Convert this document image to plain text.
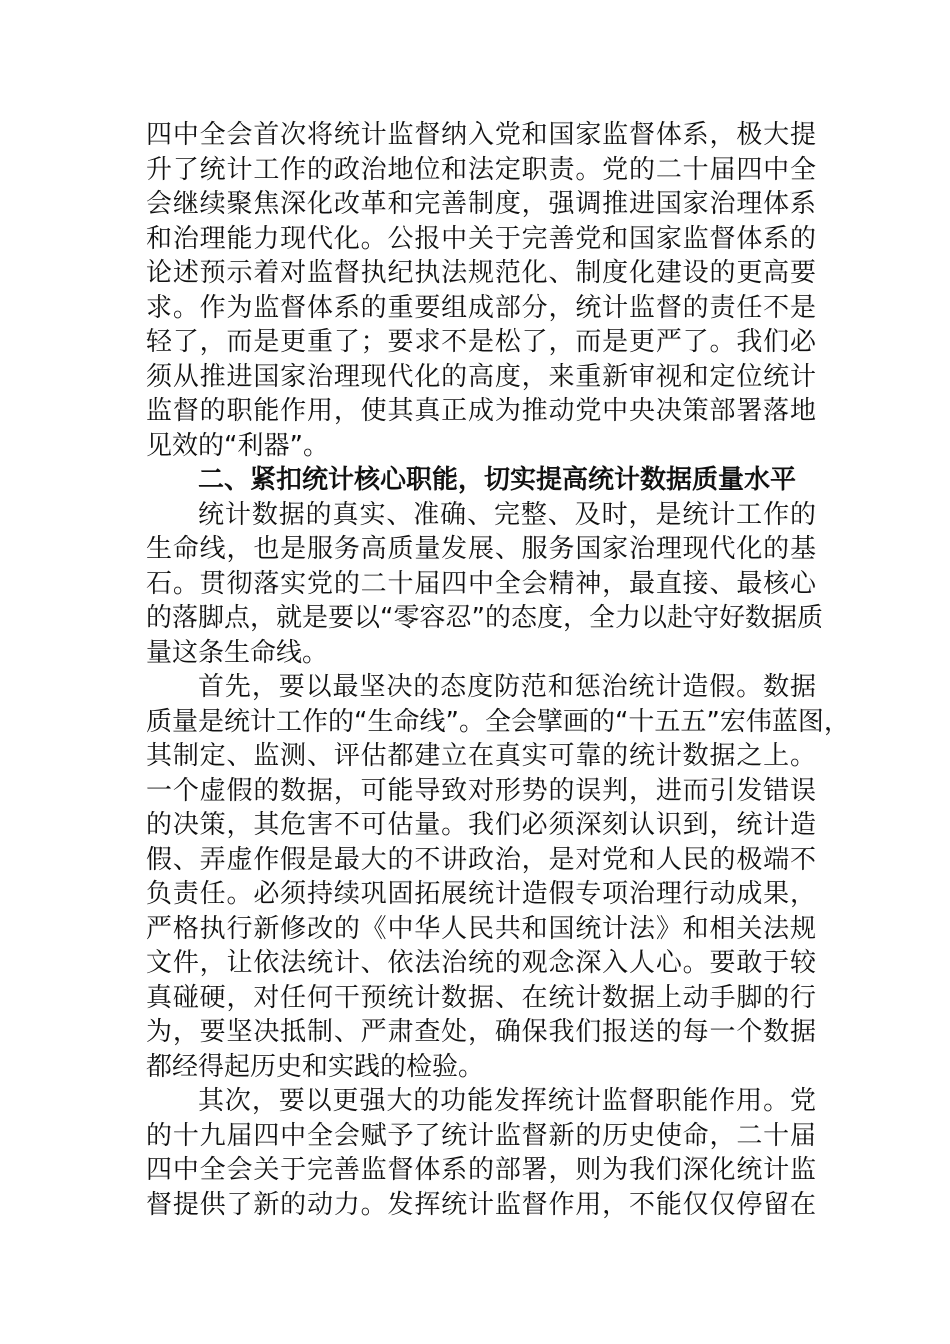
四中全会首次将统计监督纳入党和国家监督体系，极大提
升了统计工作的政治地位和法定职责。党的二十届四中全
会继续聚焦深化改革和完善制度，强调推进国家治理体系
和治理能力现代化。公报中关于完善党和国家监督体系的
论述预示着对监督执纪执法规范化、制度化建设的更高要
求。作为监督体系的重要组成部分，统计监督的责任不是
轻了，而是更重了；要求不是松了，而是更严了。我们必
须从推进国家治理现代化的高度，来重新审视和定位统计
监督的职能作用，使其真正成为推动党中央决策部署落地
见效的“利器”。
二、紧扣统计核心职能，切实提高统计数据质量水平
统计数据的真实、准确、完整、及时，是统计工作的
生命线，也是服务高质量发展、服务国家治理现代化的基
石。贯彻落实党的二十届四中全会精神，最直接、最核心
的落脚点，就是要以“零容忍”的态度，全力以赴守好数据质
量这条生命线。
首先，要以最坚决的态度防范和惩治统计造假。数据
质量是统计工作的“生命线”。全会擘画的“十五五”宏伟蓝图，
其制定、监测、评估都建立在真实可靠的统计数据之上。
一个虚假的数据，可能导致对形势的误判，进而引发错误
的决策，其危害不可估量。我们必须深刻认识到，统计造
假、弄虚作假是最大的不讲政治，是对党和人民的极端不
负责任。必须持续巩固拓展统计造假专项治理行动成果，
严格执行新修改的《中华人民共和国统计法》和相关法规
文件，让依法统计、依法治统的观念深入人心。要敢于较
真碰硬，对任何干预统计数据、在统计数据上动手脚的行
为，要坚决抵制、严肃查处，确保我们报送的每一个数据
都经得起历史和实践的检验。
其次，要以更强大的功能发挥统计监督职能作用。党
的十九届四中全会赋予了统计监督新的历史使命，二十届
四中全会关于完善监督体系的部署，则为我们深化统计监
督提供了新的动力。发挥统计监督作用，不能仅仅停留在
